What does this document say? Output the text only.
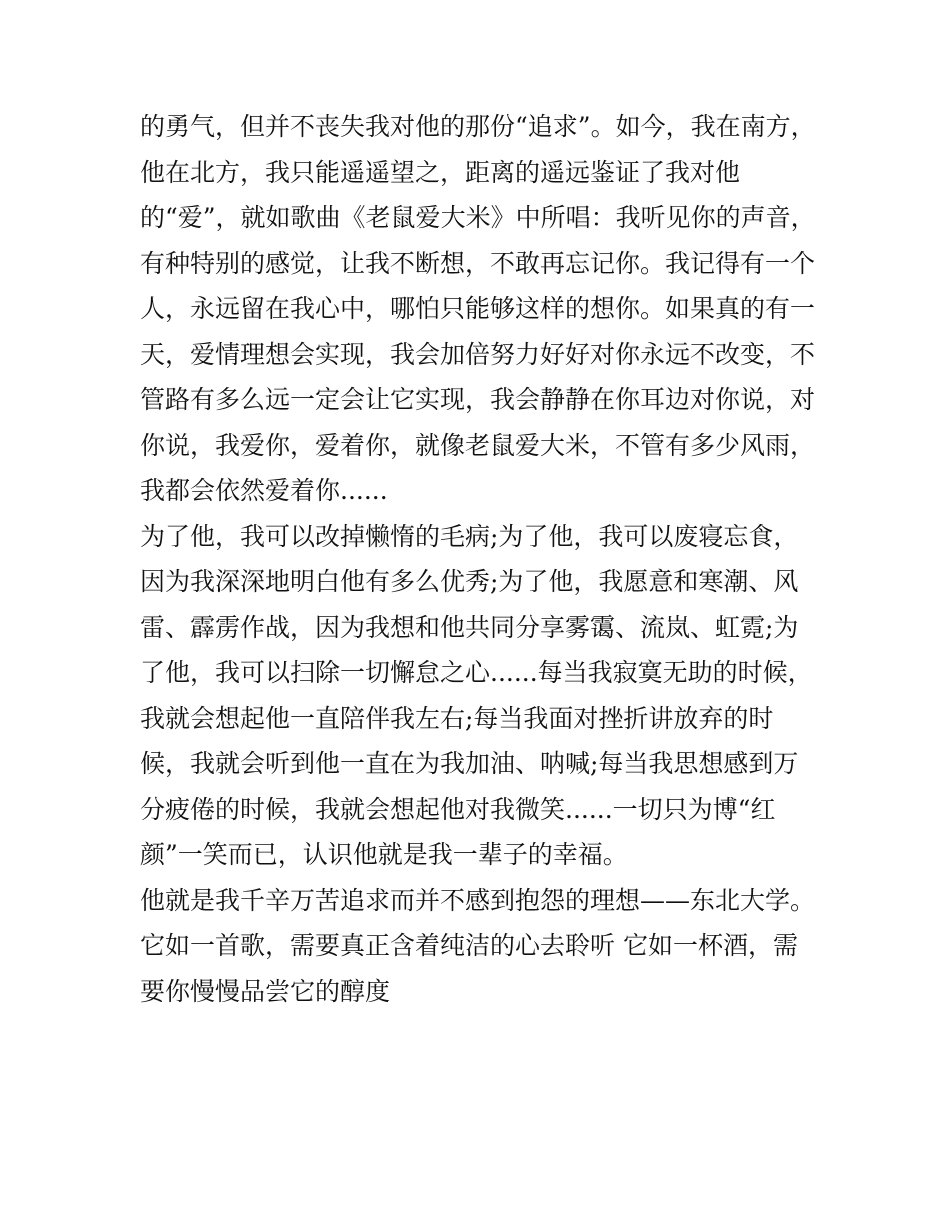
的勇气，但并不丧失我对他的那份“追求”。如今，我在南方，
他在北方，我只能遥遥望之，距离的遥远鉴证了我对他
的“爱”，就如歌曲《老鼠爱大米》中所唱：我听见你的声音，
有种特别的感觉，让我不断想，不敢再忘记你。我记得有一个
人，永远留在我心中，哪怕只能够这样的想你。如果真的有一
天，爱情理想会实现，我会加倍努力好好对你永远不改变，不
管路有多么远一定会让它实现，我会静静在你耳边对你说，对
你说，我爱你，爱着你，就像老鼠爱大米，不管有多少风雨，
我都会依然爱着你......
为了他，我可以改掉懒惰的毛病;为了他，我可以废寝忘食，
因为我深深地明白他有多么优秀;为了他，我愿意和寒潮、风
雷、霹雳作战，因为我想和他共同分享雾霭、流岚、虹霓;为
了他，我可以扫除一切懈怠之心......每当我寂寞无助的时候，
我就会想起他一直陪伴我左右;每当我面对挫折讲放弃的时
候，我就会听到他一直在为我加油、呐喊;每当我思想感到万
分疲倦的时候，我就会想起他对我微笑......一切只为博“红
颜”一笑而已，认识他就是我一辈子的幸福。
他就是我千辛万苦追求而并不感到抱怨的理想——东北大学。
它如一首歌，需要真正含着纯洁的心去聆听 它如一杯酒，需
要你慢慢品尝它的醇度
